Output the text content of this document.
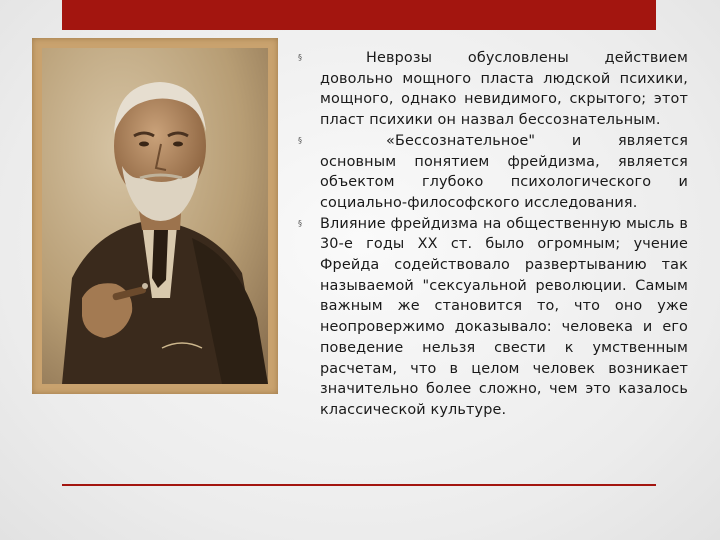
§	Неврозы обусловлены действием довольно мощного пласта людской психики, мощного, однако невидимого, скрытого; этот пласт психики он назвал бессознательным.
§	«Бессознательное" и является основным понятием фрейдизма, является объектом глубоко психологического и социально-философского исследования.
§ Влияние фрейдизма на общественную мысль в 30-е годы XX ст. было огромным; учение Фрейда содействовало развертыванию так называемой "сексуальной революции. Самым важным же становится то, что оно уже неопровержимо доказывало: человека и его поведение нельзя свести к умственным расчетам, что в целом человек возникает значительно более сложно, чем это казалось классической культуре.
